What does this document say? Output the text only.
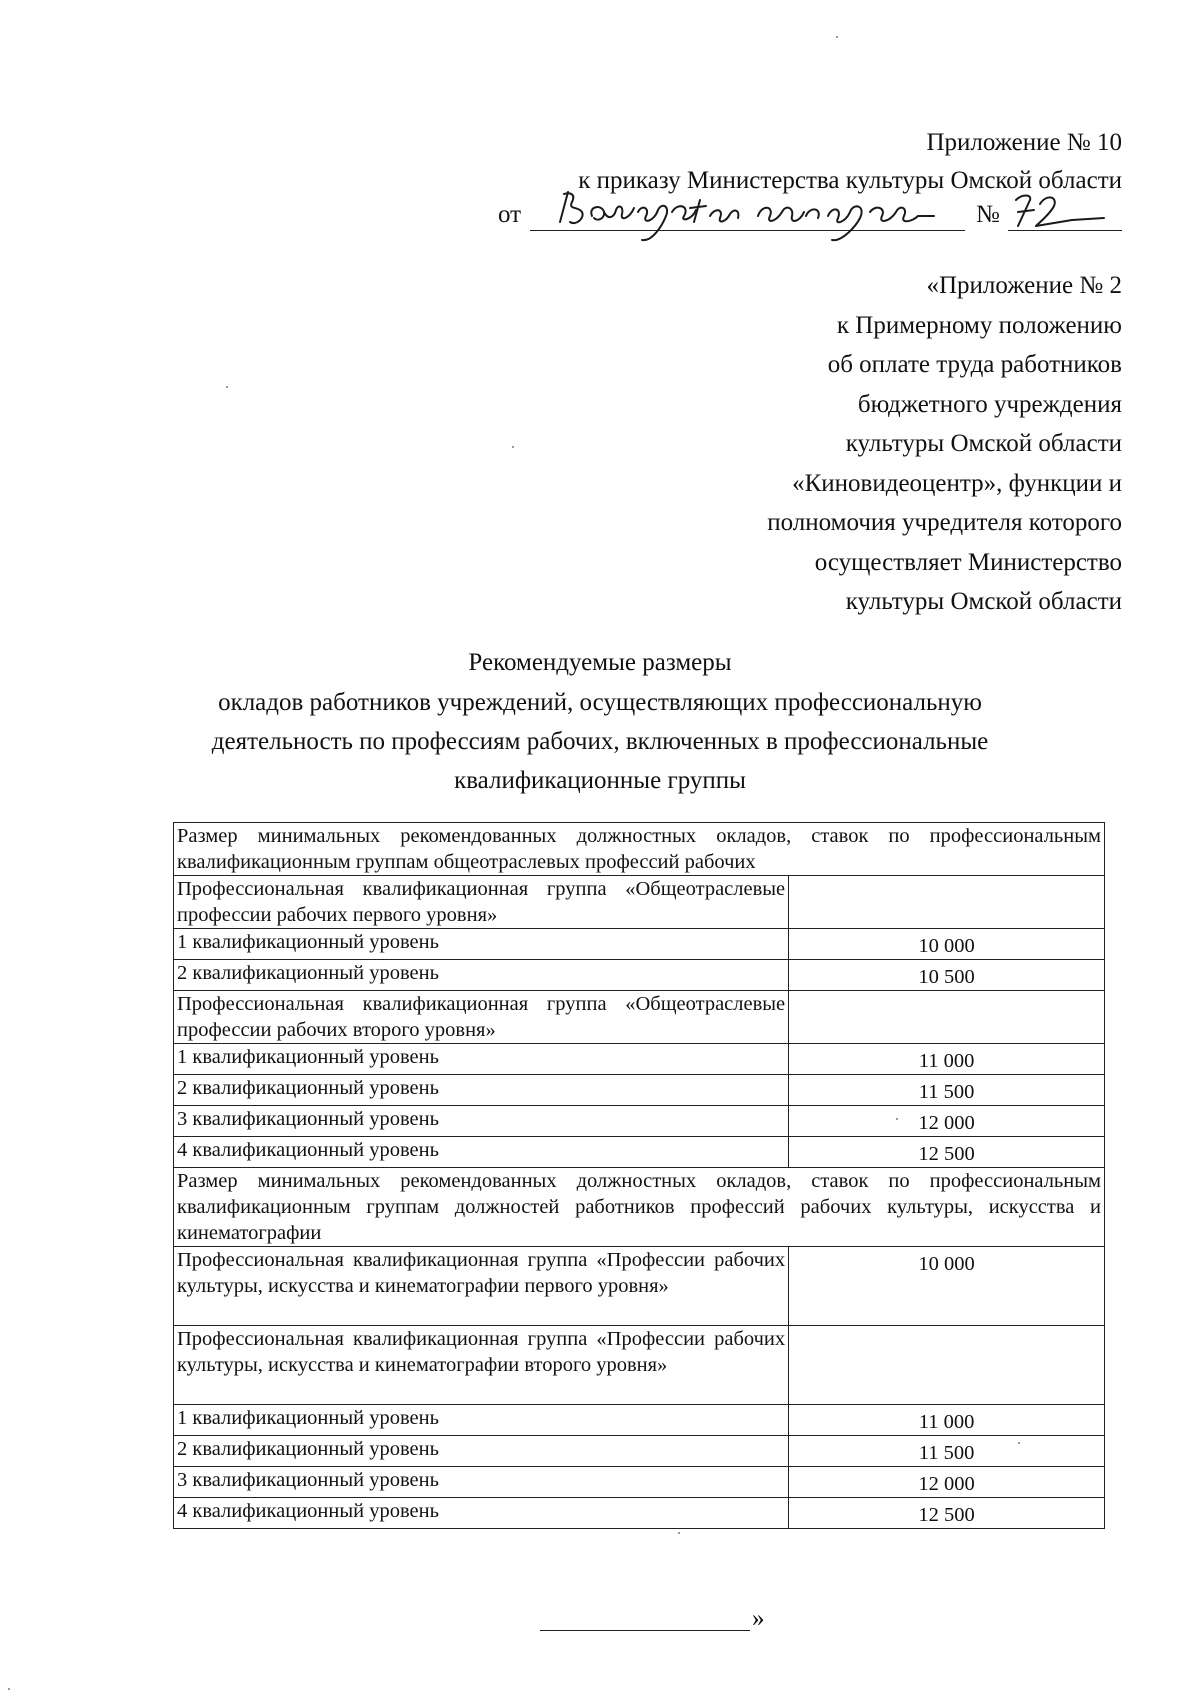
Приложение № 10
к приказу Министерства культуры Омской области
от	№
«Приложение № 2
к Примерному положению
об оплате труда работников
бюджетного учреждения
культуры Омской области
«Киновидеоцентр», функции и
полномочия учредителя которого
осуществляет Министерство
культуры Омской области
Рекомендуемые размеры
окладов работников учреждений, осуществляющих профессиональную
деятельность по профессиям рабочих, включенных в профессиональные
квалификационные группы
Размер минимальных рекомендованных должностных окладов, ставок по профессиональным квалификационным группам общеотраслевых профессий рабочих	
Профессиональная квалификационная группа «Общеотраслевые профессии рабочих первого уровня»	
1 квалификационный уровень	10 000
2 квалификационный уровень	10 500
Профессиональная квалификационная группа «Общеотраслевые профессии рабочих второго уровня»	
1 квалификационный уровень	11 000
2 квалификационный уровень	11 500
3 квалификационный уровень	12 000
4 квалификационный уровень	12 500
Размер минимальных рекомендованных должностных окладов, ставок по профессиональным квалификационным группам должностей работников профессий рабочих культуры, искусства и кинематографии	
Профессиональная квалификационная группа «Профессии рабочих культуры, искусства и кинематографии первого уровня»	10 000
Профессиональная квалификационная группа «Профессии рабочих культуры, искусства и кинематографии второго уровня»	
1 квалификационный уровень	11 000
2 квалификационный уровень	11 500
3 квалификационный уровень	12 000
4 квалификационный уровень	12 500
»
